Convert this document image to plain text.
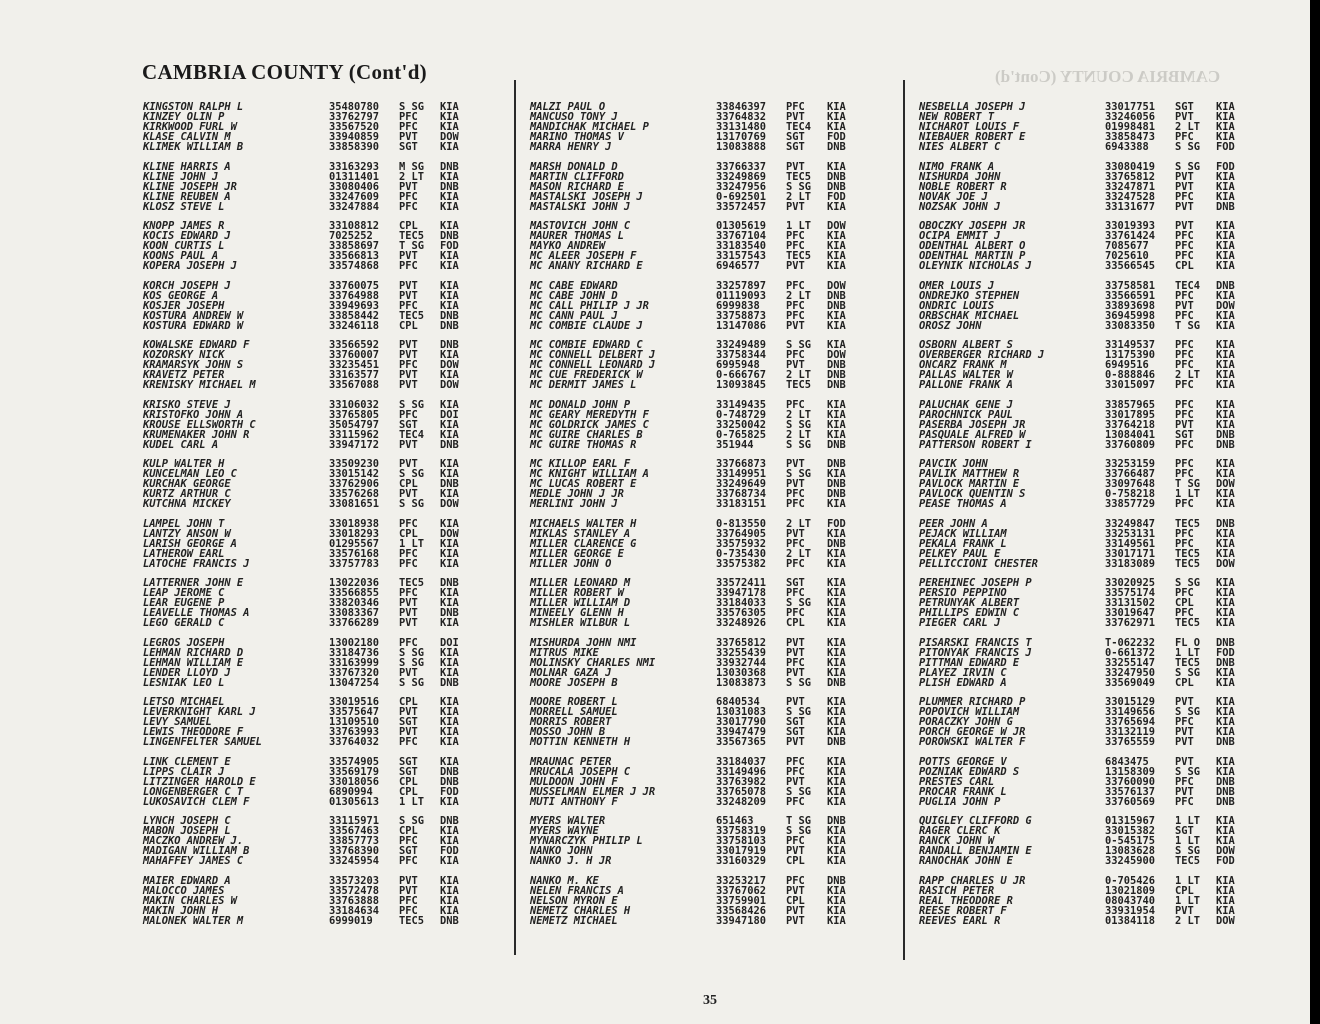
CAMBRIA COUNTY (Cont'd)
CAMBRIA COUNTY (Cont'd)
KINGSTON RALPH L	35480780 S SG KIA
KINZEY OLIN P	33762797 PFC KIA
KIRKWOOD FURL W	33567520 PFC KIA
KLASE CALVIN M	33940859 PVT DOW
KLIMEK WILLIAM B	33858390 SGT KIA
KLINE HARRIS A	33163293 M SG DNB
KLINE JOHN J	01311401 2 LT KIA
KLINE JOSEPH JR	33080406 PVT DNB
KLINE REUBEN A	33247609 PFC KIA
KLOSZ STEVE L	33247884 PFC KIA
KNOPP JAMES R	33108812 CPL KIA
KOCIS EDWARD J	7025252	TEC5 DNB
KOON CURTIS L	33858697 T SG FOD
KOONS PAUL A	33566813 PVT KIA
KOPERA JOSEPH J	33574868 PFC KIA
KORCH JOSEPH J	33760075 PVT KIA
KOS GEORGE A	33764988 PVT KIA
KOSJER JOSEPH	33949693 PFC KIA
KOSTURA ANDREW W	33858442 TEC5 DNB
KOSTURA EDWARD W	33246118 CPL DNB
KOWALSKE EDWARD F	33566592 PVT DNB
KOZORSKY NICK	33760007 PVT KIA
KRAMARSYK JOHN S	33235451 PFC DOW
KRAVETZ PETER	33163577 PVT KIA
KRENISKY MICHAEL M	33567088 PVT DOW
KRISKO STEVE J	33106032 S SG KIA
KRISTOFKO JOHN A	33765805 PFC DOI
KROUSE ELLSWORTH C	35054797 SGT KIA
KRUMENAKER JOHN R	33115962 TEC4 KIA
KUDEL CARL A	33947172 PVT DNB
KULP WALTER H	33509230 PVT KIA
KUNCELMAN LEO C	33015142 S SG KIA
KURCHAK GEORGE	33762906 CPL DNB
KURTZ ARTHUR C	33576268 PVT KIA
KUTCHNA MICKEY	33081651 S SG DOW
LAMPEL JOHN T	33018938 PFC KIA
LANTZY ANSON W	33018293 CPL DOW
LARISH GEORGE A	01295567 1 LT KIA
LATHEROW EARL	33576168 PFC KIA
LATOCHE FRANCIS J	33757783 PFC KIA
LATTERNER JOHN E	13022036 TEC5 DNB
LEAP JEROME C	33566855 PFC KIA
LEAR EUGENE P	33820346 PVT KIA
LEAVELLE THOMAS A	33083367 PVT DNB
LEGO GERALD C	33766289 PVT KIA
LEGROS JOSEPH	13002180 PFC DOI
LEHMAN RICHARD D	33184736 S SG KIA
LEHMAN WILLIAM E	33163999 S SG KIA
LENDER LLOYD J	33767320 PVT KIA
LESNIAK LEO L	13047254 S SG DNB
LETSO MICHAEL	33019516 CPL KIA
LEVERKNIGHT KARL J	33575647 PVT KIA
LEVY SAMUEL	13109510 SGT KIA
LEWIS THEODORE F	33763993 PVT KIA
LINGENFELTER SAMUEL	33764032 PFC KIA
LINK CLEMENT E	33574905 SGT KIA
LIPPS CLAIR J	33569179 SGT DNB
LITZINGER HAROLD E	33018056 CPL DNB
LONGENBERGER C T	6890994	CPL FOD
LUKOSAVICH CLEM F	01305613 1 LT KIA
LYNCH JOSEPH C	33115971 S SG DNB
MABON JOSEPH L	33567463 CPL KIA
MACZKO ANDREW J.	33857773 PFC KIA
MADIGAN WILLIAM B	33768390 SGT FOD
MAHAFFEY JAMES C	33245954 PFC KIA
MAIER EDWARD A	33573203 PVT KIA
MALOCCO JAMES	33572478 PVT KIA
MAKIN CHARLES W	33763888 PFC KIA
MAKIN JOHN H	33184634 PFC KIA
MALONEK WALTER M	6999019	TEC5 DNB
MALZI PAUL O	33846397 PFC KIA
MANCUSO TONY J	33764832 PVT KIA
MANDICHAK MICHAEL P	33131480 TEC4 KIA
MARINO THOMAS V	13170769 SGT FOD
MARRA HENRY J	13083888 SGT DNB
MARSH DONALD D	33766337 PVT KIA
MARTIN CLIFFORD	33249869 TEC5 DNB
MASON RICHARD E	33247956 S SG DNB
MASTALSKI JOSEPH J	0-692501 2 LT FOD
MASTALSKI JOHN J	33572457 PVT KIA
MASTOVICH JOHN C	01305619 1 LT DOW
MAURER THOMAS L	33767104 PFC KIA
MAYKO ANDREW	33183540 PFC KIA
MC ALEER JOSEPH F	33157543 TEC5 KIA
MC ANANY RICHARD E	6946577	PVT KIA
MC CABE EDWARD	33257897 PFC DOW
MC CABE JOHN D	01119093 2 LT DNB
MC CALL PHILIP J JR	6999838	PFC DNB
MC CANN PAUL J	33758873 PFC KIA
MC COMBIE CLAUDE J	13147086 PVT KIA
MC COMBIE EDWARD C	33249489 S SG KIA
MC CONNELL DELBERT J	33758344 PFC DOW
MC CONNELL LEONARD J	6995948	PVT DNB
MC CUE FREDERICK W	0-666767 2 LT DNB
MC DERMIT JAMES L	13093845 TEC5 DNB
MC DONALD JOHN P	33149435 PFC KIA
MC GEARY MEREDYTH F	0-748729 2 LT KIA
MC GOLDRICK JAMES C	33250042 S SG KIA
MC GUIRE CHARLES B	0-765825 2 LT KIA
MC GUIRE THOMAS R	351944	S SG DNB
MC KILLOP EARL F	33766873 PVT DNB
MC KNIGHT WILLIAM A	33149951 S SG KIA
MC LUCAS ROBERT E	33249649 PVT DNB
MEDLE JOHN J JR	33768734 PFC DNB
MERLINI JOHN J	33183151 PFC KIA
MICHAELS WALTER H	0-813550 2 LT FOD
MIKLAS STANLEY A	33764905 PVT KIA
MILLER CLARENCE G	33575932 PFC DNB
MILLER GEORGE E	0-735430 2 LT KIA
MILLER JOHN O	33575382 PFC KIA
MILLER LEONARD M	33572411 SGT KIA
MILLER ROBERT W	33947178 PFC KIA
MILLER WILLIAM D	33184033 S SG KIA
MINEELY GLENN H	33576305 PFC KIA
MISHLER WILBUR L	33248926 CPL KIA
MISHURDA JOHN NMI	33765812 PVT KIA
MITRUS MIKE	33255439 PVT KIA
MOLINSKY CHARLES NMI	33932744 PFC KIA
MOLNAR GAZA J	13030368 PVT KIA
MOORE JOSEPH B	13083873 S SG DNB
MOORE ROBERT L	6840534	PVT KIA
MORRELL SAMUEL	13031083 S SG KIA
MORRIS ROBERT	33017790 SGT KIA
MOSSO JOHN B	33947479 SGT KIA
MOTTIN KENNETH H	33567365 PVT DNB
MRAUNAC PETER	33184037 PFC KIA
MRUCALA JOSEPH C	33149496 PFC KIA
MULDOON JOHN F	33763982 PVT KIA
MUSSELMAN ELMER J JR	33765078 S SG KIA
MUTI ANTHONY F	33248209 PFC KIA
MYERS WALTER	651463	T SG DNB
MYERS WAYNE	33758319 S SG KIA
MYNARCZYK PHILIP L	33758103 PFC KIA
NANKO JOHN	33017919 PVT KIA
NANKO J. H JR	33160329 CPL KIA
NANKO M. KE	33253217 PFC DNB
NELEN FRANCIS A	33767062 PVT KIA
NELSON MYRON E	33759901 CPL KIA
NEMETZ CHARLES H	33568426 PVT KIA
NEMETZ MICHAEL	33947180 PVT KIA
NESBELLA JOSEPH J	33017751 SGT KIA
NEW ROBERT T	33246056 PVT KIA
NICHAROT LOUIS F	01998481 2 LT KIA
NIEBAUER ROBERT E	33858473 PFC KIA
NIES ALBERT C	6943388	S SG FOD
NIMO FRANK A	33080419 S SG FOD
NISHURDA JOHN	33765812 PVT KIA
NOBLE ROBERT R	33247871 PVT KIA
NOVAK JOE J	33247528 PFC KIA
NOZSAK JOHN J	33131677 PVT DNB
OBOCZKY JOSEPH JR	33019393 PVT KIA
OCIPA EMMIT J	33761424 PFC KIA
ODENTHAL ALBERT O	7085677	PFC KIA
ODENTHAL MARTIN P	7025610	PFC KIA
OLEYNIK NICHOLAS J	33566545 CPL KIA
OMER LOUIS J	33758581 TEC4 DNB
ONDREJKO STEPHEN	33566591 PFC KIA
ONDRIC LOUIS	33893698 PVT DOW
ORBSCHAK MICHAEL	36945998 PFC KIA
OROSZ JOHN	33083350 T SG KIA
OSBORN ALBERT S	33149537 PFC KIA
OVERBERGER RICHARD J	13175390 PFC KIA
ONCARZ FRANK M	6949516	PFC KIA
PALLAS WALTER W	0-888846 2 LT KIA
PALLONE FRANK A	33015097 PFC KIA
PALUCHAK GENE J	33857965 PFC KIA
PAROCHNICK PAUL	33017895 PFC KIA
PASERBA JOSEPH JR	33764218 PVT KIA
PASQUALE ALFRED W	13084041 SGT DNB
PATTERSON ROBERT I	33760809 PFC DNB
PAVCIK JOHN	33253159 PFC KIA
PAVLIK MATTHEW R	33766487 PFC KIA
PAVLOCK MARTIN E	33097648 T SG DOW
PAVLOCK QUENTIN S	0-758218 1 LT KIA
PEASE THOMAS A	33857729 PFC KIA
PEER JOHN A	33249847 TEC5 DNB
PEJACK WILLIAM	33253131 PFC KIA
PEKALA FRANK L	33149561 PFC KIA
PELKEY PAUL E	33017171 TEC5 KIA
PELLICCIONI CHESTER	33183089 TEC5 DOW
PEREHINEC JOSEPH P	33020925 S SG KIA
PERSIO PEPPINO	33575174 PFC KIA
PETRUNYAK ALBERT	33131502 CPL KIA
PHILLIPS EDWIN C	33019647 PFC KIA
PIEGER CARL J	33762971 TEC5 KIA
PISARSKI FRANCIS T	T-062232 FL O DNB
PITONYAK FRANCIS J	0-661372 1 LT FOD
PITTMAN EDWARD E	33255147 TEC5 DNB
PLAYEZ IRVIN C	33247950 S SG KIA
PLISH EDWARD A	33569049 CPL KIA
PLUMMER RICHARD P	33015129 PVT KIA
POPOVICH WILLIAM	33149656 S SG KIA
PORACZKY JOHN G	33765694 PFC KIA
PORCH GEORGE W JR	33132119 PVT KIA
POROWSKI WALTER F	33765559 PVT DNB
POTTS GEORGE V	6843475	PVT KIA
POZNIAK EDWARD S	13158309 S SG KIA
PRESTES CARL	33760090 PFC DNB
PROCAR FRANK L	33576137 PVT DNB
PUGLIA JOHN P	33760569 PFC DNB
QUIGLEY CLIFFORD G	01315967 1 LT KIA
RAGER CLERC K	33015382 SGT KIA
RANCK JOHN W	0-545175 1 LT KIA
RANDALL BENJAMIN E	13083628 S SG DOW
RANOCHAK JOHN E	33245900 TEC5 FOD
RAPP CHARLES U JR	0-705426 1 LT KIA
RASICH PETER	13021809 CPL KIA
REAL THEODORE R	08043740 1 LT KIA
REESE ROBERT F	33931954 PVT KIA
REEVES EARL R	01384118 2 LT DOW
35
